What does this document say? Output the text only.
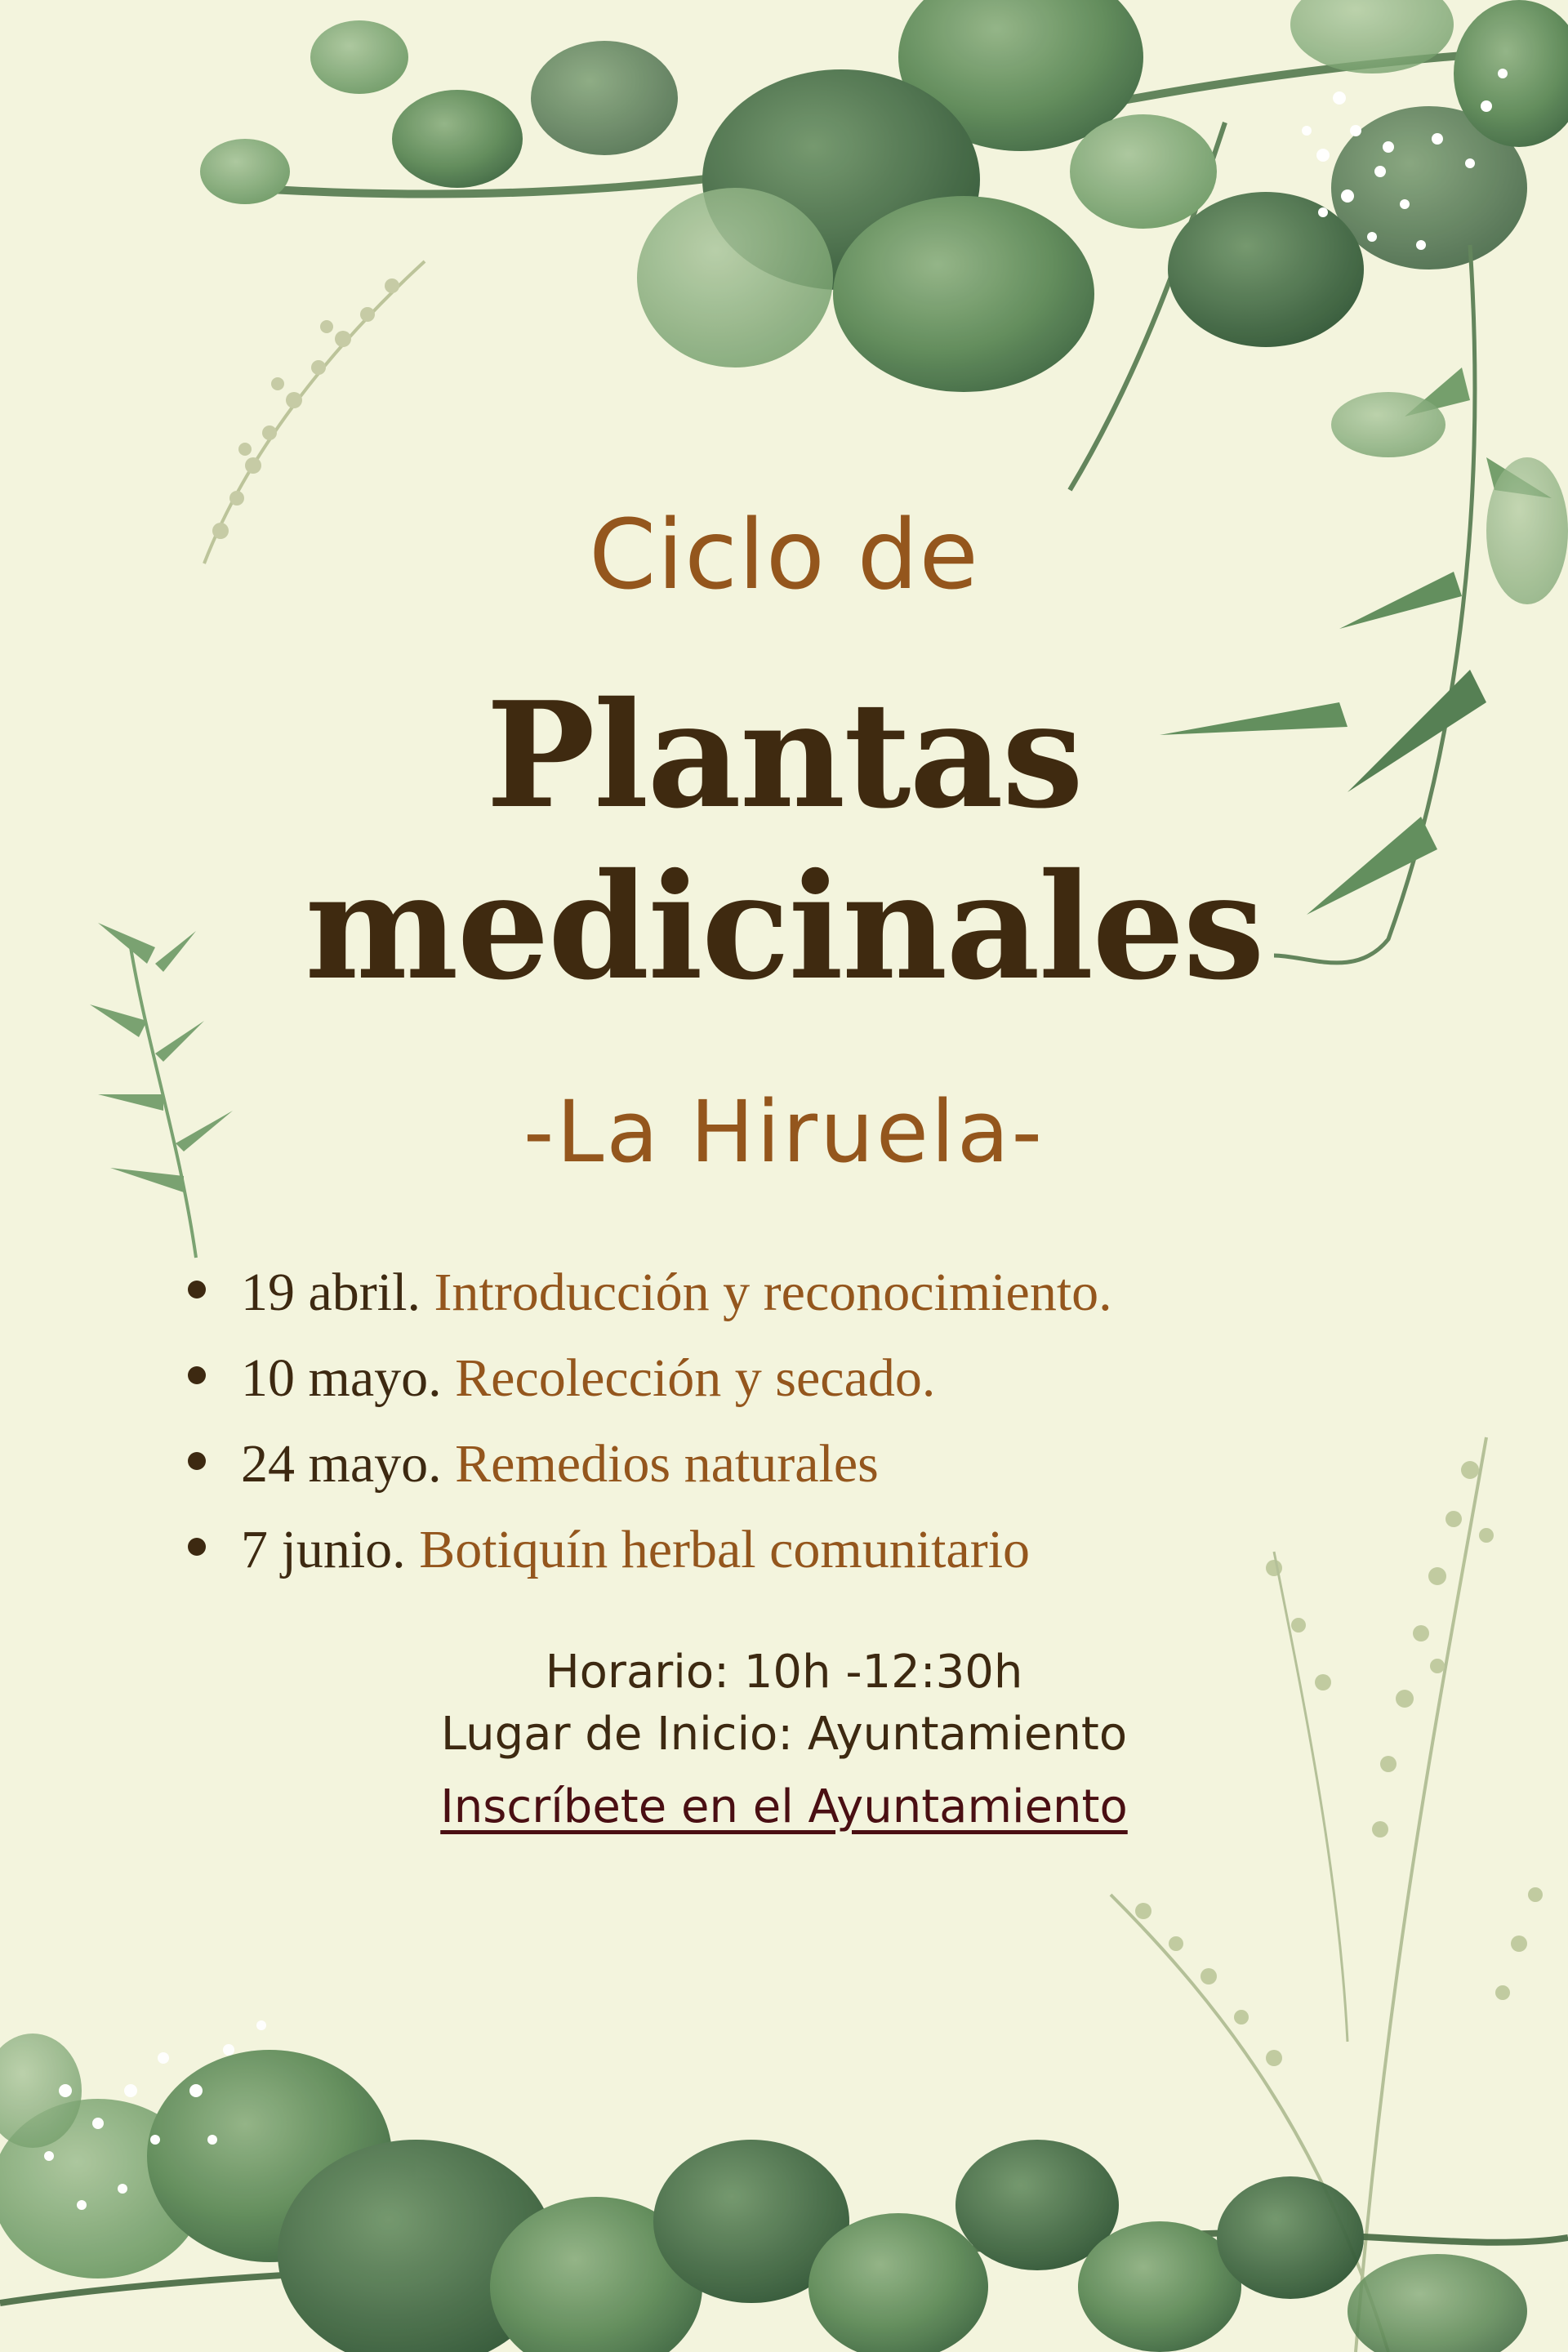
Ciclo de
Plantas
medicinales
-La Hiruela-
19 abril. Introducción y reconocimiento.
10 mayo. Recolección y secado.
24 mayo. Remedios naturales
7 junio. Botiquín herbal comunitario
Horario: 10h -12:30h
Lugar de Inicio: Ayuntamiento
Inscríbete en el Ayuntamiento
